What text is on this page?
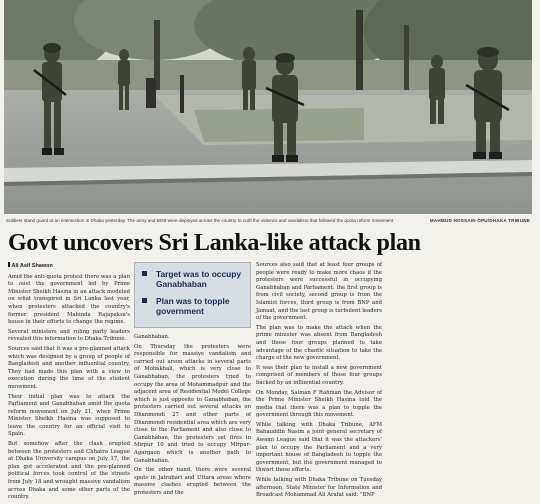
Soldiers stand guard at an intersection in Dhaka yesterday. The army and BGB were deployed across the country to curb the violence and vandalism that followed the quota reform movement	MAHMUD HOSSAIN OPU/DHAKA TRIBUNE
Govt uncovers Sri Lanka-like attack plan
Ali Asif Shawon

Amid the anti-quota protest there was a plan to oust the government led by Prime Minister Sheikh Hasina in an attack modeled on what transpired in Sri Lanka last year, when protesters attacked the country's former president Mahinda Rajapaksa's house in their efforts to change the regime.

Several ministers and ruling party leaders revealed this information to Dhaka Tribune.

Sources said that it was a pre-planned attack which was designed by a group of people of Bangladesh and another influential country. They had made this plan with a view to execution during the time of the student movement.

Their initial plan was to attack the Parliament and Ganabhaban amid the quota reform movement on July 21, when Prime Minister Sheikh Hasina was supposed to leave the country for an official visit to Spain.

But somehow after the clash erupted between the protesters and Chhatra League at Dhaka University campus on July 17, the plan got accelerated and the pre-planned political forces took control of the streets from July 18 and wrought massive vandalism across Dhaka and some other parts of the country.

Target was to occupy Ganabhaban
Plan was to topple government

Ganabhaban.

On Thursday the protesters were responsible for massive vandalism and carried out arson attacks in several parts of Mohakhali, which is very close to Ganabhaban, the protesters tried to occupy the area of Mohammadpur and the adjacent area of Residential Model College which is just opposite to Ganabhaban, the protesters carried out several attacks on Dhanmondi 27 and other parts of Dhanmondi residential area which are very close to the Parliament and also close to Ganabhaban, the protesters set fires in Mirpur 10 and tried to occupy Mirpur-Agargaon which is another path to Ganabhaban.

On the other hand, there were several spots in Jatrabari and Uttara areas where massive clashes erupted between the protesters and the

Sources also said that at least four groups of people were ready to make more chaos if the protesters were successful in occupying Ganabhaban and Parliament: the first group is from civil society, second group is from the Islamist forces, third group is from BNP and Jamaat, and the last group is turbulent leaders of the government.

The plan was to make the attack when the prime minister was absent from Bangladesh and those four groups planned to take advantage of the chaotic situation to take the charge of the new government.

It was their plan to install a new government comprised of members of those four groups backed by an influential country.

On Monday, Salman F Rahman the Advisor of the Prime Minister Sheikh Hasina told the media that there was a plan to topple the government through this movement.

While talking with Dhaka Tribune, AFM Bahauddin Nasim a joint general secretary of Awami League said that it was the attackers' plan to occupy the Parliament and a very important house of Bangladesh to topple the government, but the government managed to thwart those efforts.

While talking with Dhaka Tribune on Tuesday afternoon, State Minister for Information and Broadcast Mohammad Ali Arafat said: "BNP
